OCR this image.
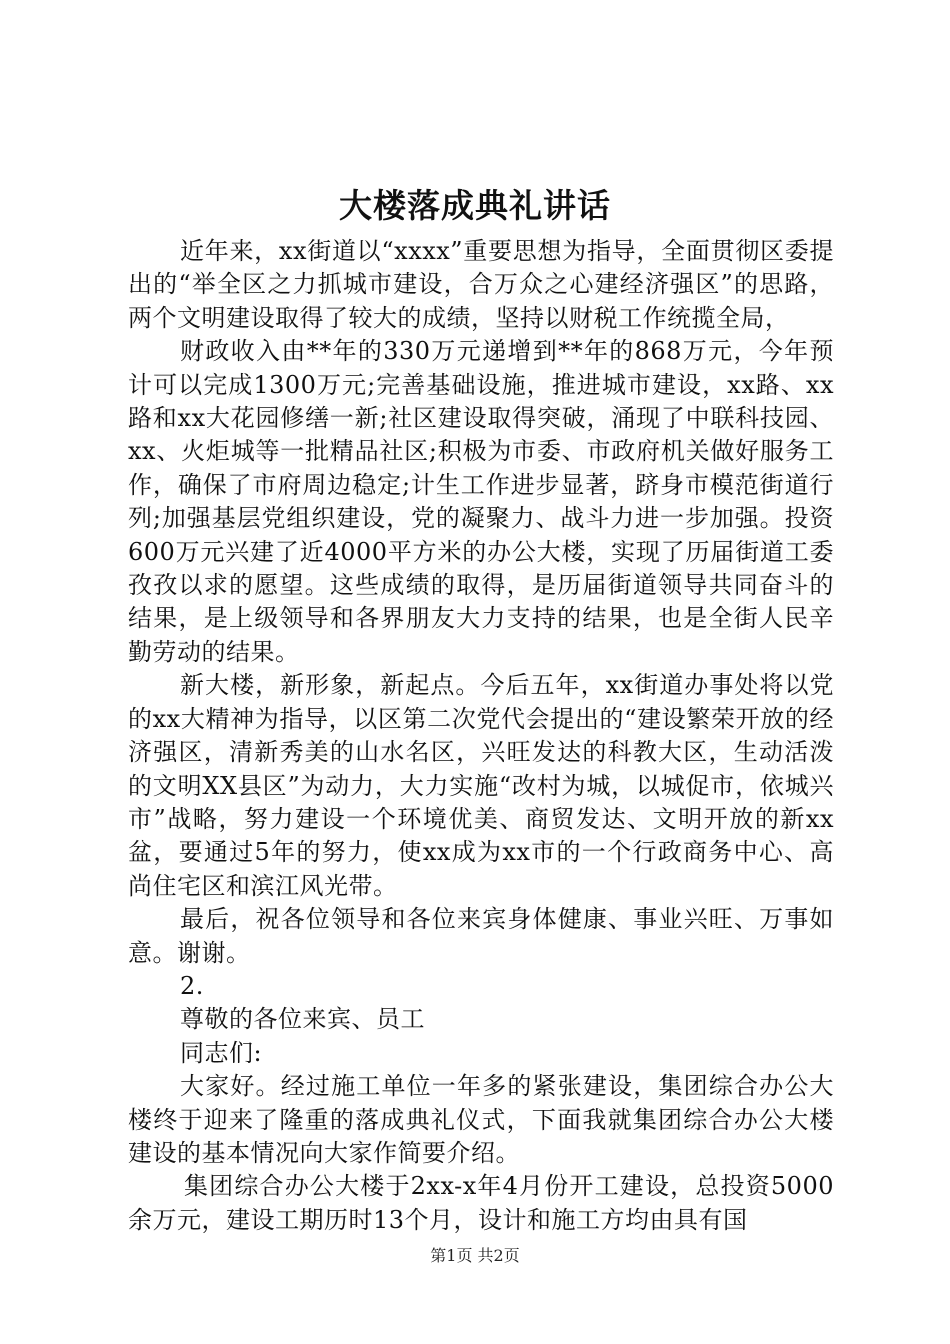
大楼落成典礼讲话

近年来，xx街道以“xxxx”重要思想为指导，全面贯彻区委提出的“举全区之力抓城市建设，合万众之心建经济强区”的思路，两个文明建设取得了较大的成绩，坚持以财税工作统揽全局，

财政收入由**年的330万元递增到**年的868万元，今年预计可以完成1300万元;完善基础设施，推进城市建设，xx路、xx路和xx大花园修缮一新;社区建设取得突破，涌现了中联科技园、xx、火炬城等一批精品社区;积极为市委、市政府机关做好服务工作，确保了市府周边稳定;计生工作进步显著，跻身市模范街道行列;加强基层党组织建设，党的凝聚力、战斗力进一步加强。投资600万元兴建了近4000平方米的办公大楼，实现了历届街道工委孜孜以求的愿望。这些成绩的取得，是历届街道领导共同奋斗的结果，是上级领导和各界朋友大力支持的结果，也是全街人民辛勤劳动的结果。

新大楼，新形象，新起点。今后五年，xx街道办事处将以党的xx大精神为指导，以区第二次党代会提出的“建设繁荣开放的经济强区，清新秀美的山水名区，兴旺发达的科教大区，生动活泼的文明XX县区”为动力，大力实施“改村为城，以城促市，依城兴市”战略，努力建设一个环境优美、商贸发达、文明开放的新xx盆，要通过5年的努力，使xx成为xx市的一个行政商务中心、高尚住宅区和滨江风光带。

最后，祝各位领导和各位来宾身体健康、事业兴旺、万事如意。谢谢。

2.

尊敬的各位来宾、员工

同志们:

大家好。经过施工单位一年多的紧张建设，集团综合办公大楼终于迎来了隆重的落成典礼仪式，下面我就集团综合办公大楼建设的基本情况向大家作简要介绍。

集团综合办公大楼于2xx-x年4月份开工建设，总投资5000余万元，建设工期历时13个月，设计和施工方均由具有国

第1页 共2页
